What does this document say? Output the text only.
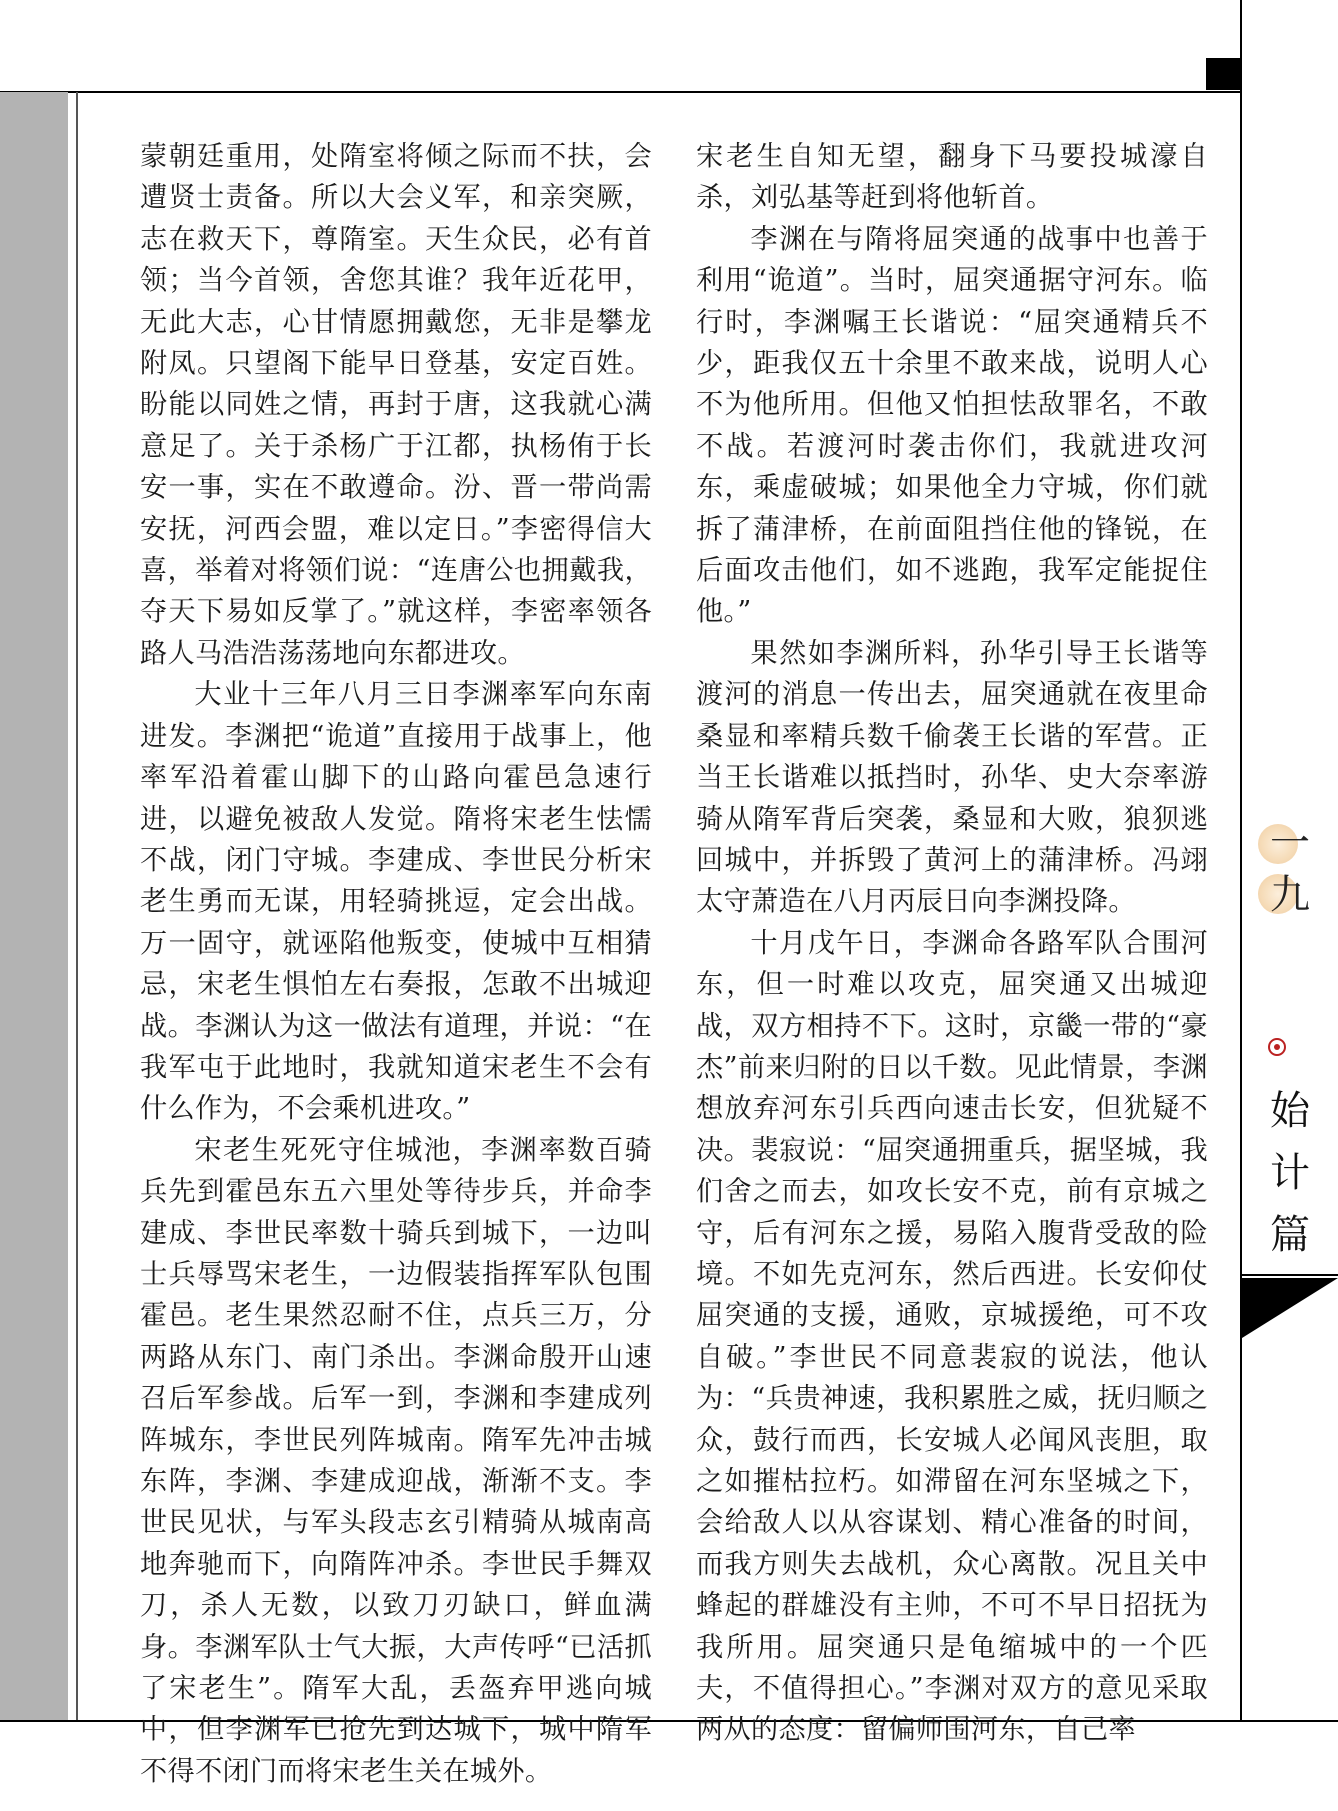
蒙朝廷重用，处隋室将倾之际而不扶，会遭贤士责备。所以大会义军，和亲突厥，志在救天下，尊隋室。天生众民，必有首领；当今首领，舍您其谁？我年近花甲，无此大志，心甘情愿拥戴您，无非是攀龙附凤。只望阁下能早日登基，安定百姓。盼能以同姓之情，再封于唐，这我就心满意足了。关于杀杨广于江都，执杨侑于长安一事，实在不敢遵命。汾、晋一带尚需安抚，河西会盟，难以定日。”李密得信大喜，举着对将领们说：“连唐公也拥戴我，夺天下易如反掌了。”就这样，李密率领各路人马浩浩荡荡地向东都进攻。

大业十三年八月三日李渊率军向东南进发。李渊把“诡道”直接用于战事上，他率军沿着霍山脚下的山路向霍邑急速行进，以避免被敌人发觉。隋将宋老生怯懦不战，闭门守城。李建成、李世民分析宋老生勇而无谋，用轻骑挑逗，定会出战。万一固守，就诬陷他叛变，使城中互相猜忌，宋老生惧怕左右奏报，怎敢不出城迎战。李渊认为这一做法有道理，并说：“在我军屯于此地时，我就知道宋老生不会有什么作为，不会乘机进攻。”

宋老生死死守住城池，李渊率数百骑兵先到霍邑东五六里处等待步兵，并命李建成、李世民率数十骑兵到城下，一边叫士兵辱骂宋老生，一边假装指挥军队包围霍邑。老生果然忍耐不住，点兵三万，分两路从东门、南门杀出。李渊命殷开山速召后军参战。后军一到，李渊和李建成列阵城东，李世民列阵城南。隋军先冲击城东阵，李渊、李建成迎战，渐渐不支。李世民见状，与军头段志玄引精骑从城南高地奔驰而下，向隋阵冲杀。李世民手舞双刀，杀人无数，以致刀刃缺口，鲜血满身。李渊军队士气大振，大声传呼“已活抓了宋老生”。隋军大乱，丢盔弃甲逃向城中，但李渊军已抢先到达城下，城中隋军不得不闭门而将宋老生关在城外。

宋老生自知无望，翻身下马要投城濠自杀，刘弘基等赶到将他斩首。

李渊在与隋将屈突通的战事中也善于利用“诡道”。当时，屈突通据守河东。临行时，李渊嘱王长谐说：“屈突通精兵不少，距我仅五十余里不敢来战，说明人心不为他所用。但他又怕担怯敌罪名，不敢不战。若渡河时袭击你们，我就进攻河东，乘虚破城；如果他全力守城，你们就拆了蒲津桥，在前面阻挡住他的锋锐，在后面攻击他们，如不逃跑，我军定能捉住他。”

果然如李渊所料，孙华引导王长谐等渡河的消息一传出去，屈突通就在夜里命桑显和率精兵数千偷袭王长谐的军营。正当王长谐难以抵挡时，孙华、史大奈率游骑从隋军背后突袭，桑显和大败，狼狈逃回城中，并拆毁了黄河上的蒲津桥。冯翊太守萧造在八月丙辰日向李渊投降。

十月戊午日，李渊命各路军队合围河东，但一时难以攻克，屈突通又出城迎战，双方相持不下。这时，京畿一带的“豪杰”前来归附的日以千数。见此情景，李渊想放弃河东引兵西向速击长安，但犹疑不决。裴寂说：“屈突通拥重兵，据坚城，我们舍之而去，如攻长安不克，前有京城之守，后有河东之援，易陷入腹背受敌的险境。不如先克河东，然后西进。长安仰仗屈突通的支援，通败，京城援绝，可不攻自破。”李世民不同意裴寂的说法，他认为：“兵贵神速，我积累胜之威，抚归顺之众，鼓行而西，长安城人必闻风丧胆，取之如摧枯拉朽。如滞留在河东坚城之下，会给敌人以从容谋划、精心准备的时间，而我方则失去战机，众心离散。况且关中蜂起的群雄没有主帅，不可不早日招抚为我所用。屈突通只是龟缩城中的一个匹夫，不值得担心。”李渊对双方的意见采取两从的态度：留偏师围河东，自己率

一
九
始
计
篇
